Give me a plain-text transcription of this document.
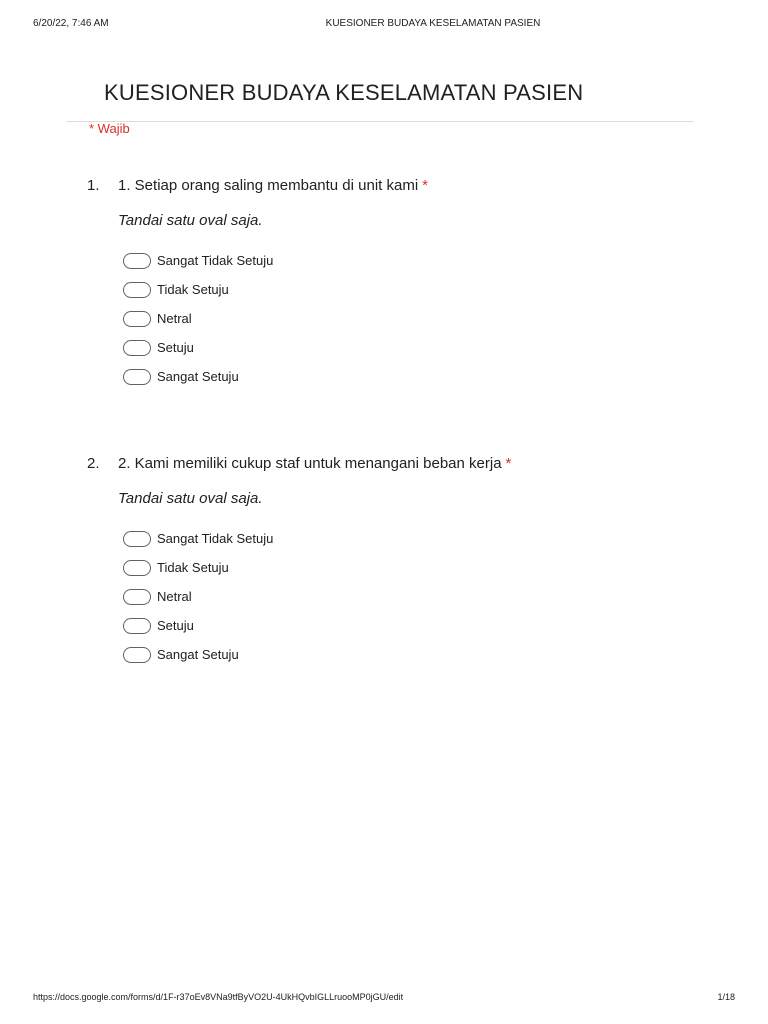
6/20/22, 7:46 AM	KUESIONER BUDAYA KESELAMATAN PASIEN
KUESIONER BUDAYA KESELAMATAN PASIEN
* Wajib
1. 1. Setiap orang saling membantu di unit kami *
Tandai satu oval saja.
Sangat Tidak Setuju
Tidak Setuju
Netral
Setuju
Sangat Setuju
2. 2. Kami memiliki cukup staf untuk menangani beban kerja *
Tandai satu oval saja.
Sangat Tidak Setuju
Tidak Setuju
Netral
Setuju
Sangat Setuju
https://docs.google.com/forms/d/1F-r37oEv8VNa9tfByVO2U-4UkHQvbIGLLruooMP0jGU/edit	1/18
